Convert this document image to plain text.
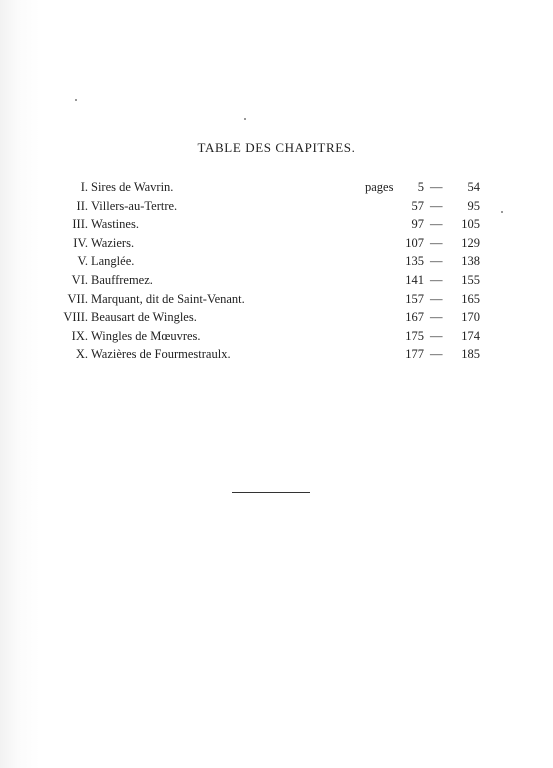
TABLE DES CHAPITRES.
I. Sires de Wavrin.	pages 5 — 54
II. Villers-au-Tertre.	57 — 95
III. Wastines.	97 — 105
IV. Waziers.	107 — 129
V. Langlée.	135 — 138
VI. Bauffremez.	141 — 155
VII. Marquant, dit de Saint-Venant.	157 — 165
VIII. Beausart de Wingles.	167 — 170
IX. Wingles de Mœuvres.	175 — 174
X. Wazières de Fourmestraulx.	177 — 185
